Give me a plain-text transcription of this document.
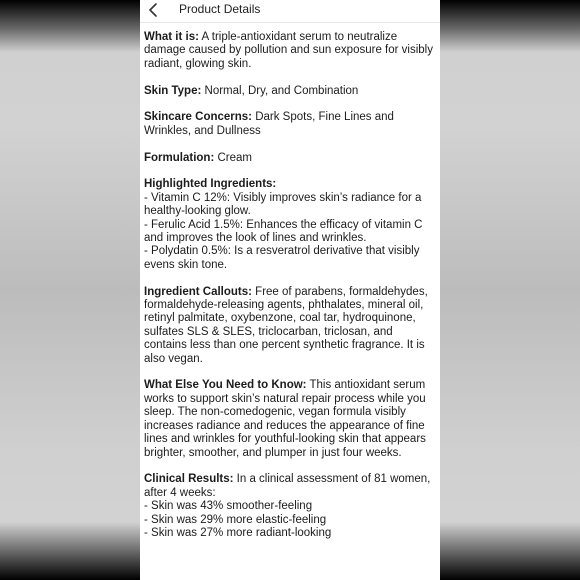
Product Details

What it is: A triple-antioxidant serum to neutralize damage caused by pollution and sun exposure for visibly radiant, glowing skin.

Skin Type: Normal, Dry, and Combination

Skincare Concerns: Dark Spots, Fine Lines and Wrinkles, and Dullness

Formulation: Cream

Highlighted Ingredients:
- Vitamin C 12%: Visibly improves skin’s radiance for a healthy-looking glow.
- Ferulic Acid 1.5%: Enhances the efficacy of vitamin C and improves the look of lines and wrinkles.
- Polydatin 0.5%: Is a resveratrol derivative that visibly evens skin tone.

Ingredient Callouts: Free of parabens, formaldehydes, formaldehyde-releasing agents, phthalates, mineral oil, retinyl palmitate, oxybenzone, coal tar, hydroquinone, sulfates SLS & SLES, triclocarban, triclosan, and contains less than one percent synthetic fragrance. It is also vegan.

What Else You Need to Know: This antioxidant serum works to support skin’s natural repair process while you sleep. The non-comedogenic, vegan formula visibly increases radiance and reduces the appearance of fine lines and wrinkles for youthful-looking skin that appears brighter, smoother, and plumper in just four weeks.

Clinical Results: In a clinical assessment of 81 women, after 4 weeks:
- Skin was 43% smoother-feeling
- Skin was 29% more elastic-feeling
- Skin was 27% more radiant-looking
